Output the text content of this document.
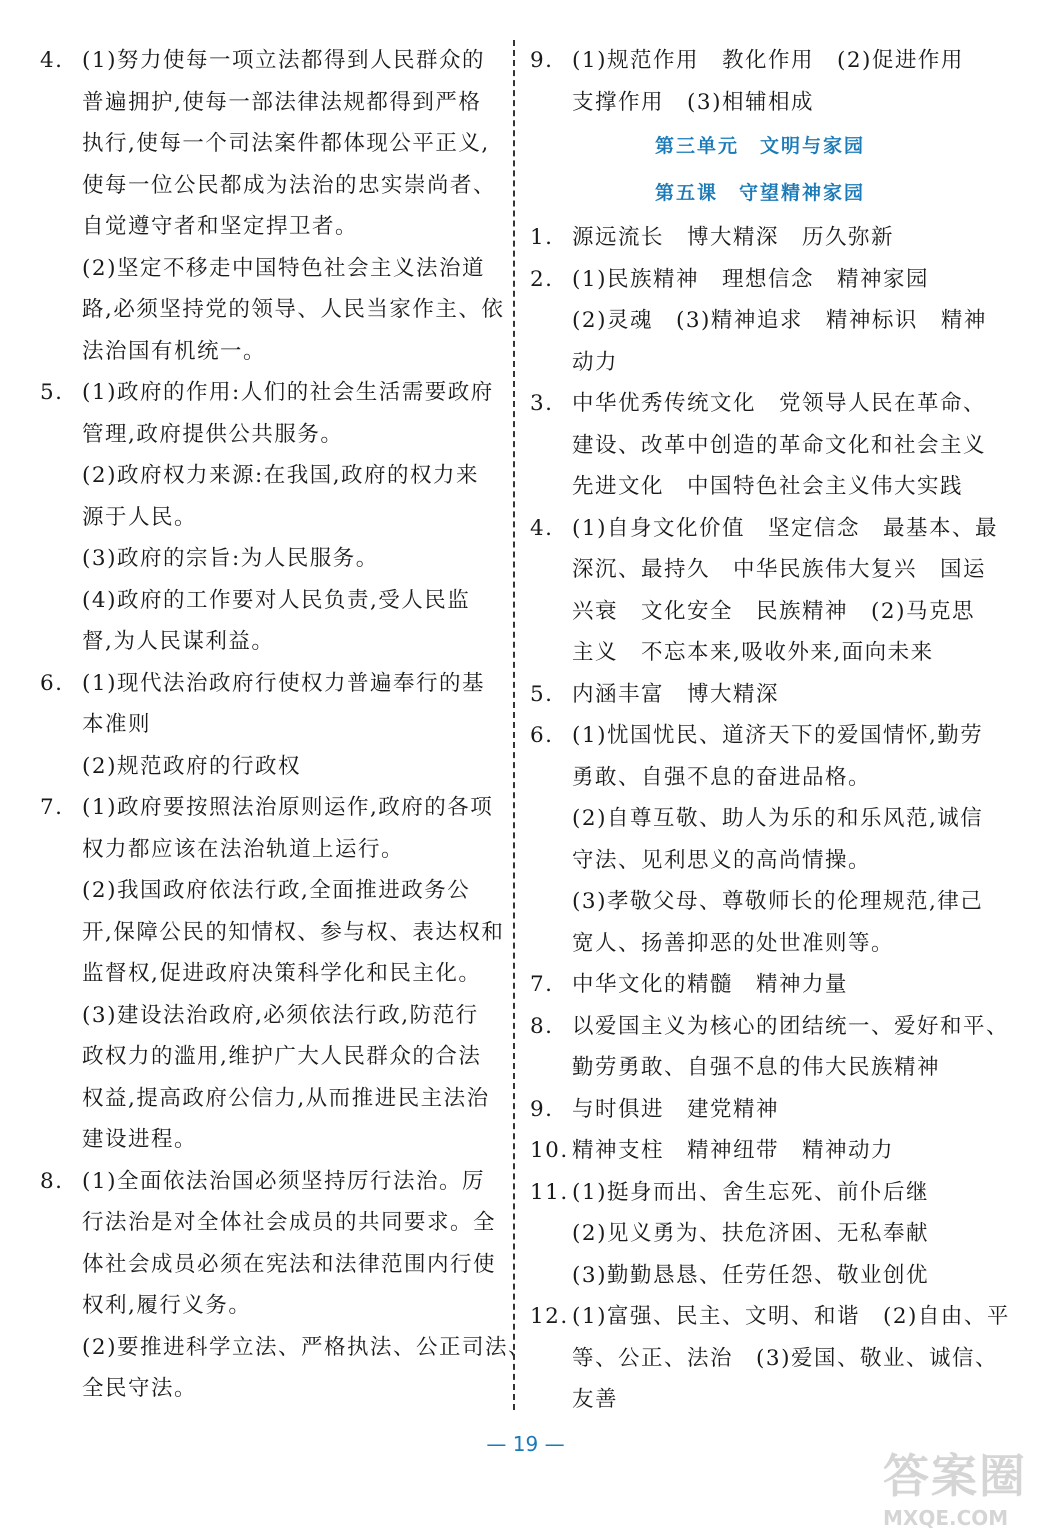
4. (1)努力使每一项立法都得到人民群众的
普遍拥护,使每一部法律法规都得到严格
执行,使每一个司法案件都体现公平正义,
使每一位公民都成为法治的忠实崇尚者、
自觉遵守者和坚定捍卫者。
(2)坚定不移走中国特色社会主义法治道
路,必须坚持党的领导、人民当家作主、依
法治国有机统一。
5. (1)政府的作用:人们的社会生活需要政府
管理,政府提供公共服务。
(2)政府权力来源:在我国,政府的权力来
源于人民。
(3)政府的宗旨:为人民服务。
(4)政府的工作要对人民负责,受人民监
督,为人民谋利益。
6. (1)现代法治政府行使权力普遍奉行的基
本准则
(2)规范政府的行政权
7. (1)政府要按照法治原则运作,政府的各项
权力都应该在法治轨道上运行。
(2)我国政府依法行政,全面推进政务公
开,保障公民的知情权、参与权、表达权和
监督权,促进政府决策科学化和民主化。
(3)建设法治政府,必须依法行政,防范行
政权力的滥用,维护广大人民群众的合法
权益,提高政府公信力,从而推进民主法治
建设进程。
8. (1)全面依法治国必须坚持厉行法治。厉
行法治是对全体社会成员的共同要求。全
体社会成员必须在宪法和法律范围内行使
权利,履行义务。
(2)要推进科学立法、严格执法、公正司法、
全民守法。
9. (1)规范作用　教化作用　(2)促进作用
支撑作用　(3)相辅相成
第三单元　文明与家园
第五课　守望精神家园
1. 源远流长　博大精深　历久弥新
2. (1)民族精神　理想信念　精神家园
(2)灵魂　(3)精神追求　精神标识　精神
动力
3. 中华优秀传统文化　党领导人民在革命、
建设、改革中创造的革命文化和社会主义
先进文化　中国特色社会主义伟大实践
4. (1)自身文化价值　坚定信念　最基本、最
深沉、最持久　中华民族伟大复兴　国运
兴衰　文化安全　民族精神　(2)马克思
主义　不忘本来,吸收外来,面向未来
5. 内涵丰富　博大精深
6. (1)忧国忧民、道济天下的爱国情怀,勤劳
勇敢、自强不息的奋进品格。
(2)自尊互敬、助人为乐的和乐风范,诚信
守法、见利思义的高尚情操。
(3)孝敬父母、尊敬师长的伦理规范,律己
宽人、扬善抑恶的处世准则等。
7. 中华文化的精髓　精神力量
8. 以爱国主义为核心的团结统一、爱好和平、
勤劳勇敢、自强不息的伟大民族精神
9. 与时俱进　建党精神
10. 精神支柱　精神纽带　精神动力
11. (1)挺身而出、舍生忘死、前仆后继
(2)见义勇为、扶危济困、无私奉献
(3)勤勤恳恳、任劳任怨、敬业创优
12. (1)富强、民主、文明、和谐　(2)自由、平
等、公正、法治　(3)爱国、敬业、诚信、
友善
— 19 —
答案圈
MXQE.COM
